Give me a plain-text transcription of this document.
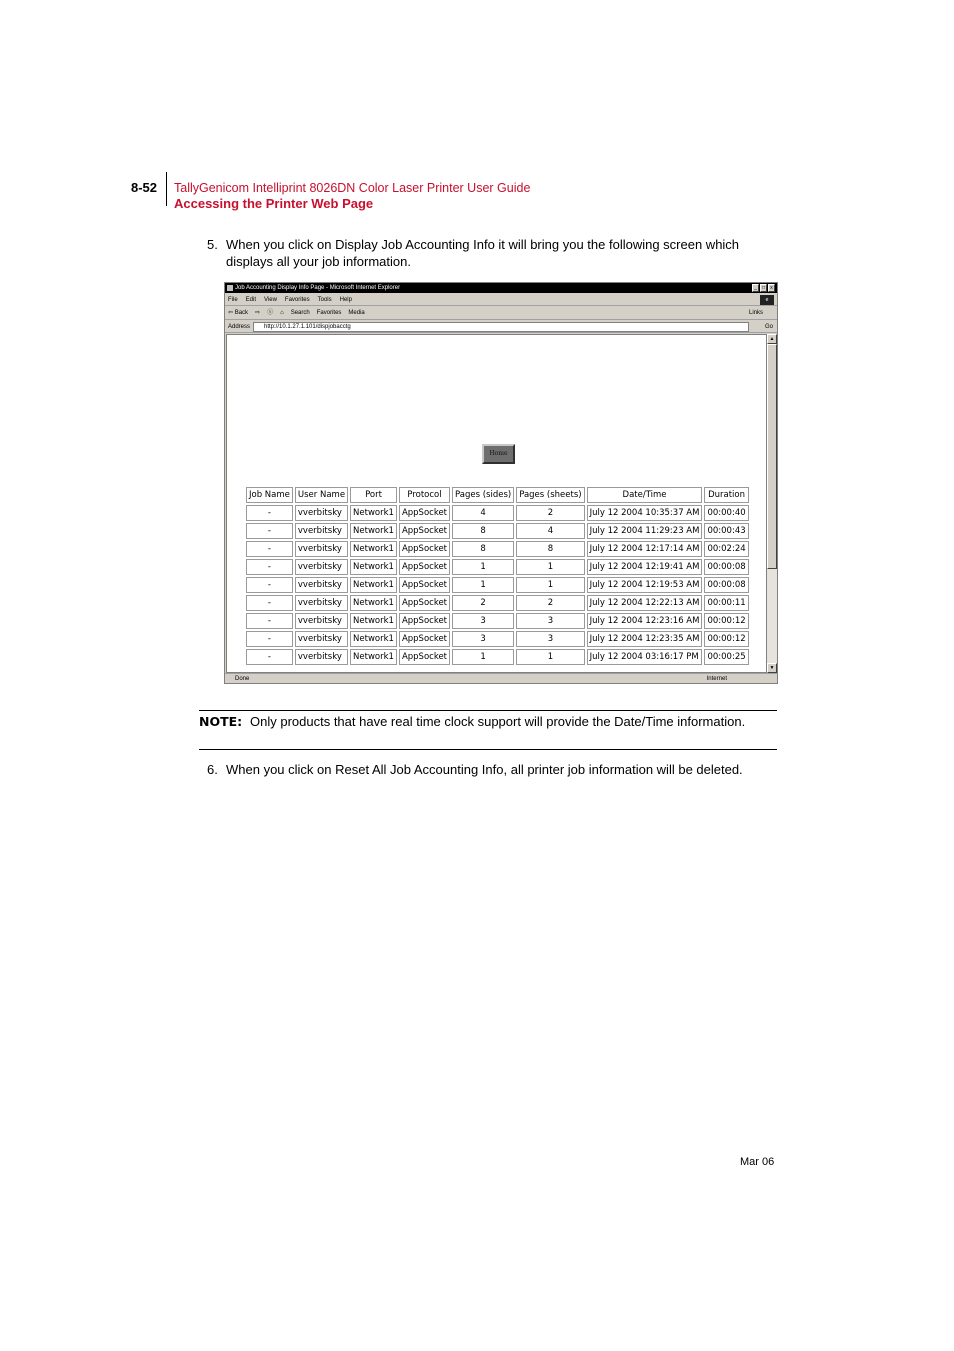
8-52 TallyGenicom Intelliprint 8026DN Color Laser Printer User Guide
Accessing the Printer Web Page
5. When you click on Display Job Accounting Info it will bring you the following screen which displays all your job information.
Job Accounting Display Info Page - Microsoft Internet Explorer	_	□	x
File Edit View Favorites Tools Help	e
⇦ Back ⇨ ⓧ ⌂ Search Favorites Media	Links
Address	http://10.1.27.1.101/dispjobacctg	Go
Home
Job Name	User Name	Port	Protocol	Pages (sides)	Pages (sheets)	Date/Time	Duration
-	vverbitsky	Network1	AppSocket	4	2	July 12 2004 10:35:37 AM	00:00:40
-	vverbitsky	Network1	AppSocket	8	4	July 12 2004 11:29:23 AM	00:00:43
-	vverbitsky	Network1	AppSocket	8	8	July 12 2004 12:17:14 AM	00:02:24
-	vverbitsky	Network1	AppSocket	1	1	July 12 2004 12:19:41 AM	00:00:08
-	vverbitsky	Network1	AppSocket	1	1	July 12 2004 12:19:53 AM	00:00:08
-	vverbitsky	Network1	AppSocket	2	2	July 12 2004 12:22:13 AM	00:00:11
-	vverbitsky	Network1	AppSocket	3	3	July 12 2004 12:23:16 AM	00:00:12
-	vverbitsky	Network1	AppSocket	3	3	July 12 2004 12:23:35 AM	00:00:12
-	vverbitsky	Network1	AppSocket	1	1	July 12 2004 03:16:17 PM	00:00:25
▲
▼
Done	Internet
NOTE: Only products that have real time clock support will provide the Date/Time information.
6. When you click on Reset All Job Accounting Info, all printer job information will be deleted.
Mar 06
